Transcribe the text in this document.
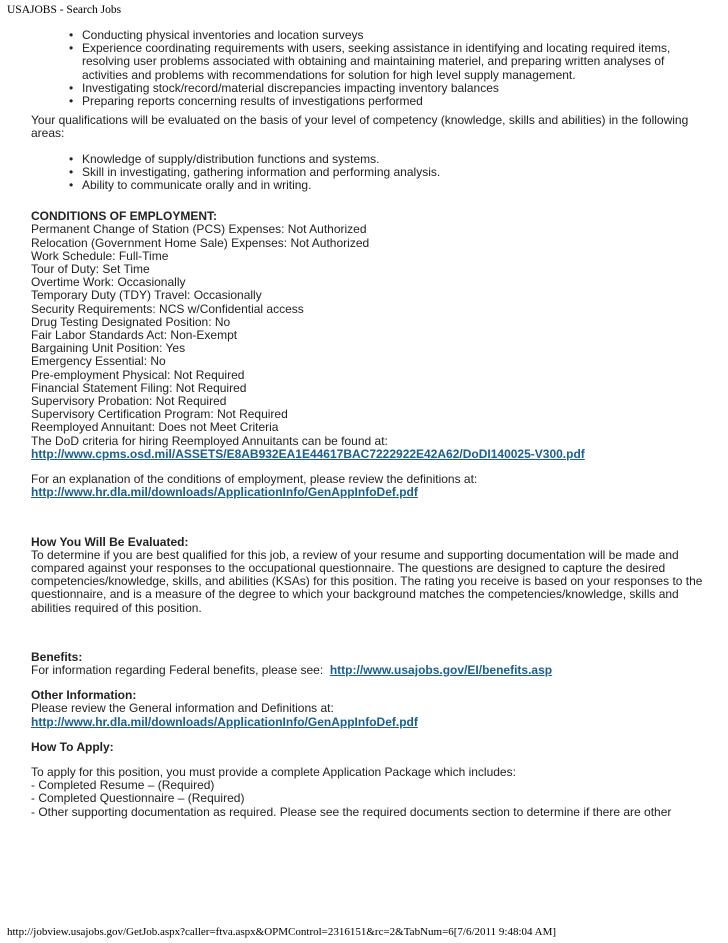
USAJOBS - Search Jobs
• Conducting physical inventories and location surveys
• Experience coordinating requirements with users, seeking assistance in identifying and locating required items, resolving user problems associated with obtaining and maintaining materiel, and preparing written analyses of activities and problems with recommendations for solution for high level supply management.
• Investigating stock/record/material discrepancies impacting inventory balances
• Preparing reports concerning results of investigations performed

Your qualifications will be evaluated on the basis of your level of competency (knowledge, skills and abilities) in the following areas:

• Knowledge of supply/distribution functions and systems.
• Skill in investigating, gathering information and performing analysis.
• Ability to communicate orally and in writing.

CONDITIONS OF EMPLOYMENT:

Permanent Change of Station (PCS) Expenses: Not Authorized

Relocation (Government Home Sale) Expenses: Not Authorized

Work Schedule: Full-Time

Tour of Duty: Set Time

Overtime Work: Occasionally

Temporary Duty (TDY) Travel: Occasionally

Security Requirements: NCS w/Confidential access

Drug Testing Designated Position: No

Fair Labor Standards Act: Non-Exempt

Bargaining Unit Position: Yes

Emergency Essential: No

Pre-employment Physical: Not Required

Financial Statement Filing: Not Required

Supervisory Probation: Not Required

Supervisory Certification Program: Not Required

Reemployed Annuitant: Does not Meet Criteria

The DoD criteria for hiring Reemployed Annuitants can be found at:

http://www.cpms.osd.mil/ASSETS/E8AB932EA1E44617BAC7222922E42A62/DoDI140025-V300.pdf

For an explanation of the conditions of employment, please review the definitions at:

http://www.hr.dla.mil/downloads/ApplicationInfo/GenAppInfoDef.pdf

How You Will Be Evaluated:

To determine if you are best qualified for this job, a review of your resume and supporting documentation will be made and compared against your responses to the occupational questionnaire. The questions are designed to capture the desired competencies/knowledge, skills, and abilities (KSAs) for this position. The rating you receive is based on your responses to the questionnaire, and is a measure of the degree to which your background matches the competencies/knowledge, skills and abilities required of this position.

Benefits:

For information regarding Federal benefits, please see: http://www.usajobs.gov/EI/benefits.asp

Other Information:

Please review the General information and Definitions at:

http://www.hr.dla.mil/downloads/ApplicationInfo/GenAppInfoDef.pdf

How To Apply:

To apply for this position, you must provide a complete Application Package which includes:

- Completed Resume – (Required)

- Completed Questionnaire – (Required)

- Other supporting documentation as required. Please see the required documents section to determine if there are other

http://jobview.usajobs.gov/GetJob.aspx?caller=ftva.aspx&OPMControl=2316151&rc=2&TabNum=6[7/6/2011 9:48:04 AM]
